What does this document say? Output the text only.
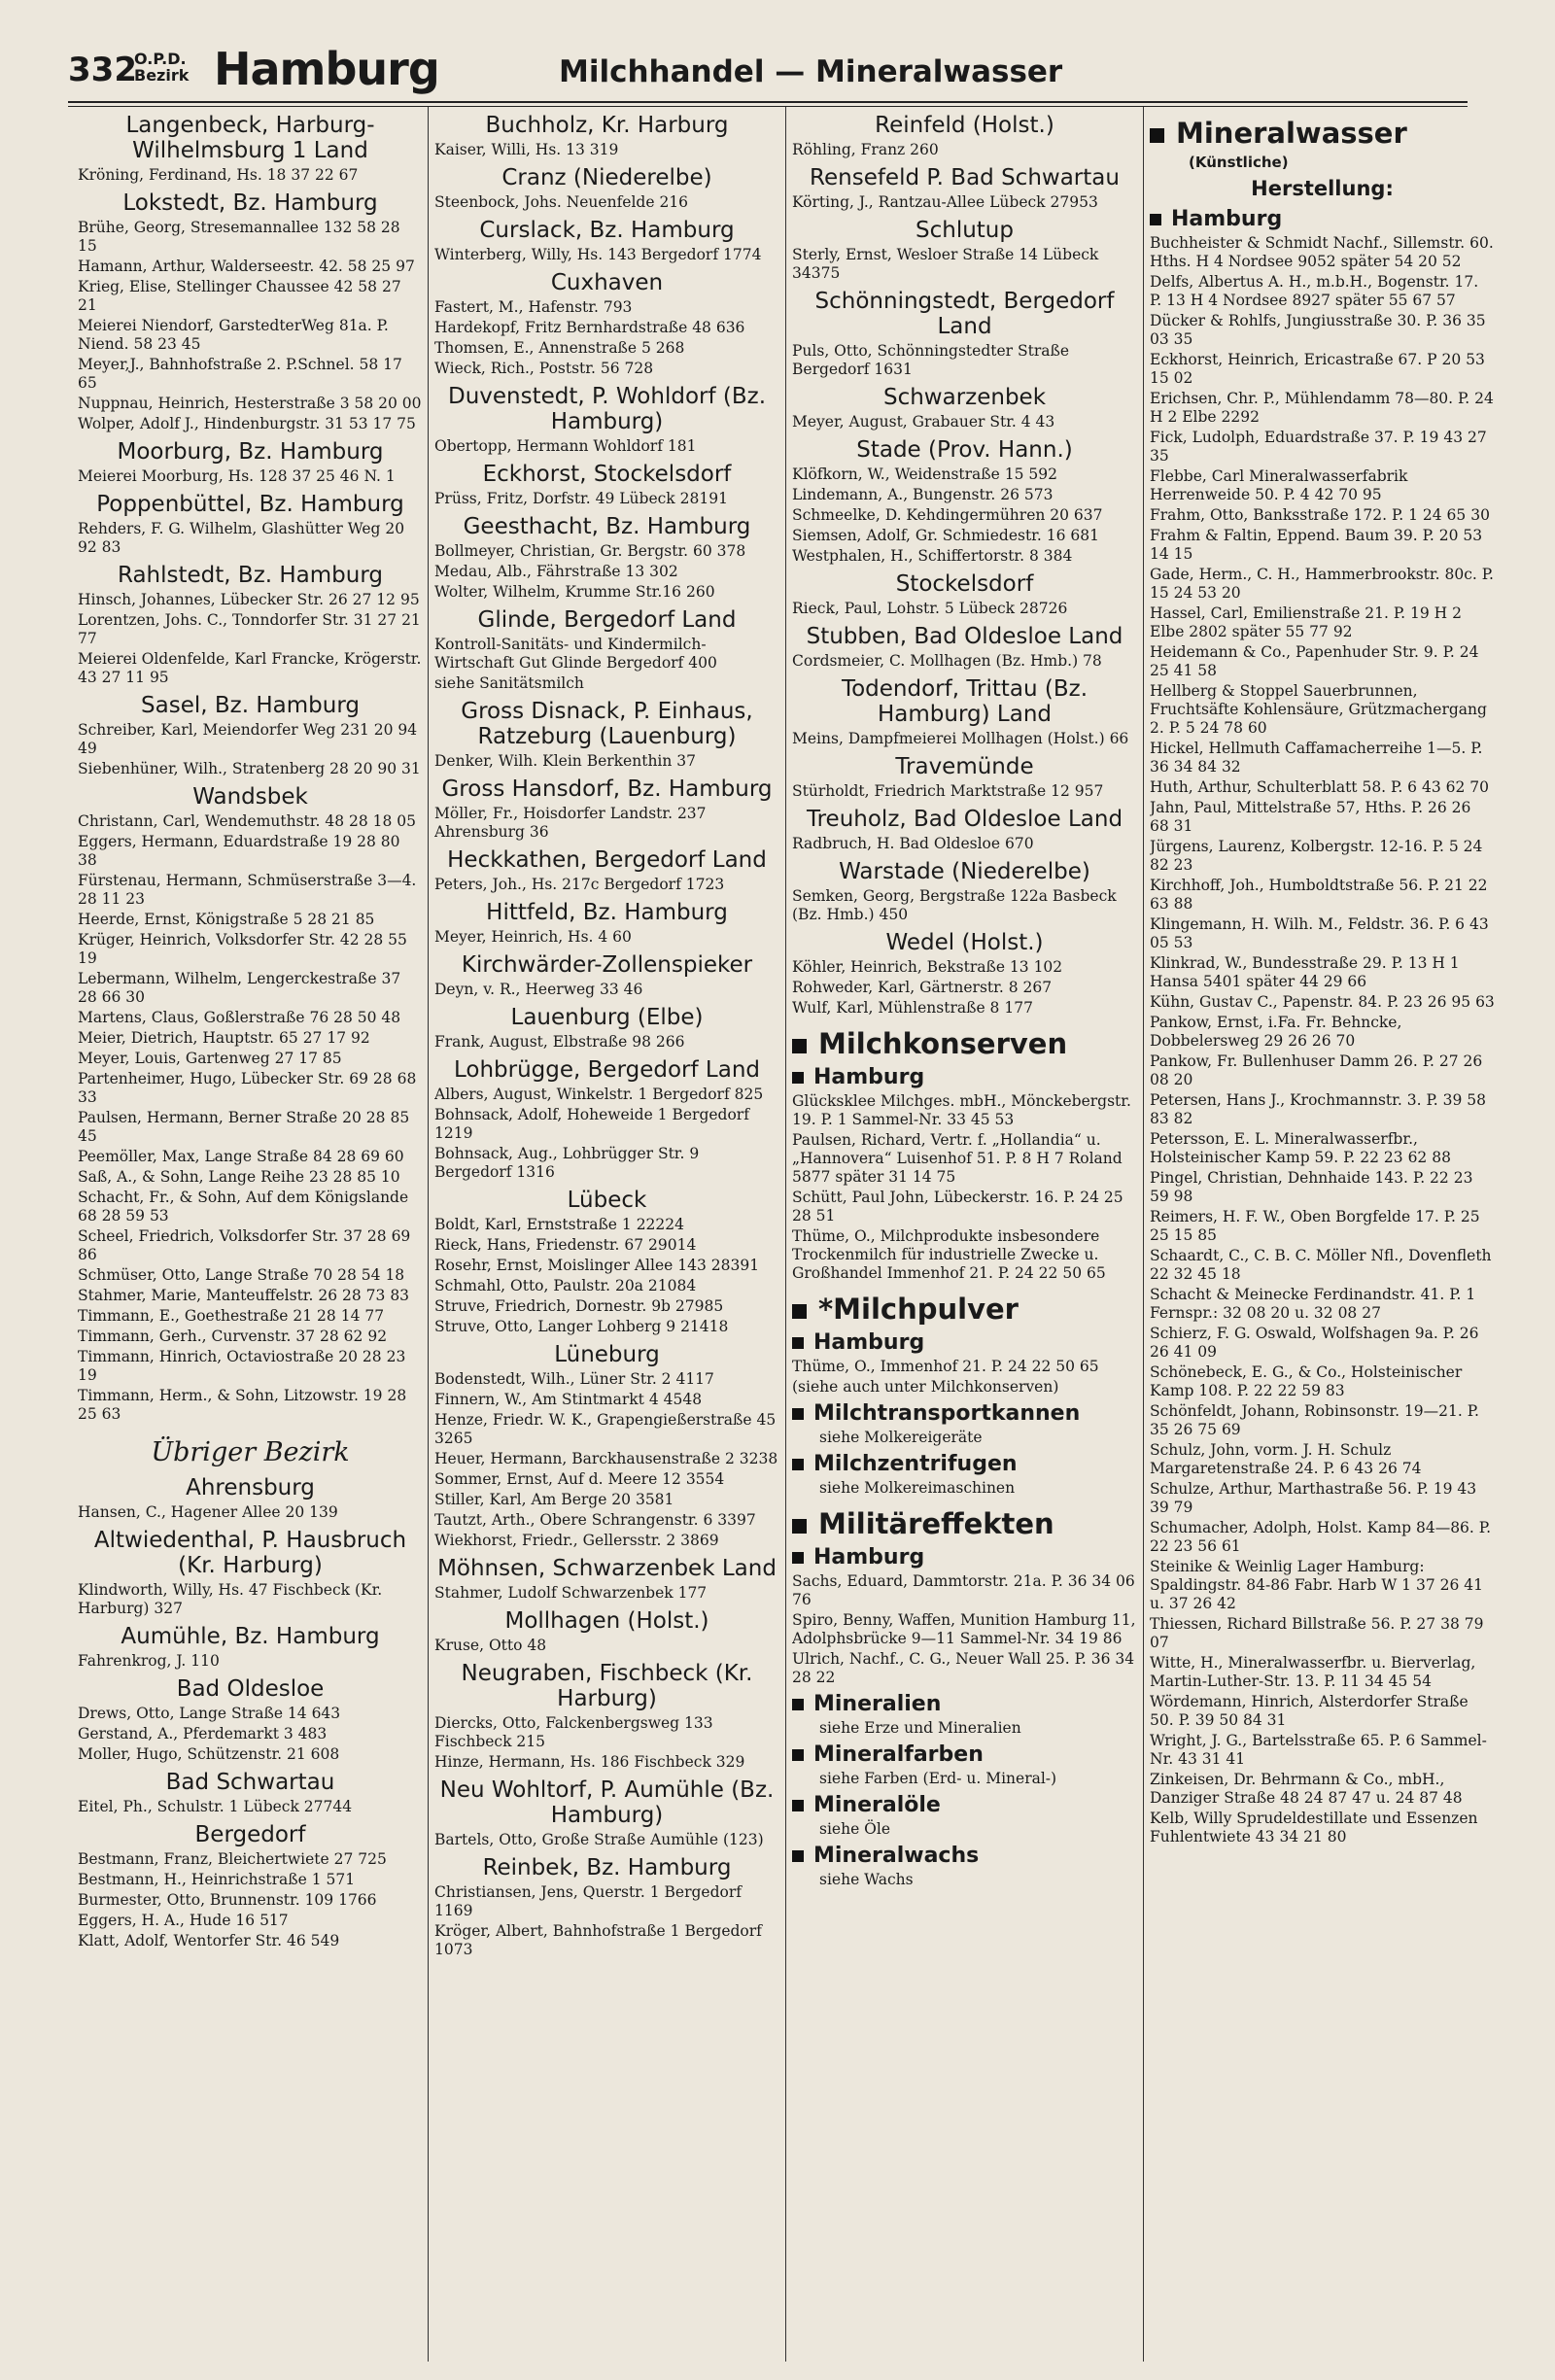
332
O.P.D.
Bezirk Hamburg	Milchhandel — Mineralwasser
Langenbeck, Harburg-Wilhelmsburg 1 Land
Kröning, Ferdinand, Hs. 18 37 22 67
Lokstedt, Bz. Hamburg
Brühe, Georg, Stresemannallee 132 58 28 15
Hamann, Arthur, Walderseestr. 42. 58 25 97
Krieg, Elise, Stellinger Chaussee 42 58 27 21
Meierei Niendorf, GarstedterWeg 81a. P. Niend. 58 23 45
Meyer,J., Bahnhofstraße 2. P.Schnel. 58 17 65
Nuppnau, Heinrich, Hesterstraße 3 58 20 00
Wolper, Adolf J., Hindenburgstr. 31 53 17 75
Moorburg, Bz. Hamburg
Meierei Moorburg, Hs. 128 37 25 46 N. 1
Poppenbüttel, Bz. Hamburg
Rehders, F. G. Wilhelm, Glashütter Weg 20 92 83
Rahlstedt, Bz. Hamburg
Hinsch, Johannes, Lübecker Str. 26 27 12 95
Lorentzen, Johs. C., Tonndorfer Str. 31 27 21 77
Meierei Oldenfelde, Karl Francke, Krögerstr. 43 27 11 95
Sasel, Bz. Hamburg
Schreiber, Karl, Meiendorfer Weg 231 20 94 49
Siebenhüner, Wilh., Stratenberg 28 20 90 31
Wandsbek
Christann, Carl, Wendemuthstr. 48 28 18 05
Eggers, Hermann, Eduardstraße 19 28 80 38
Fürstenau, Hermann, Schmüserstraße 3—4. 28 11 23
Heerde, Ernst, Königstraße 5 28 21 85
Krüger, Heinrich, Volksdorfer Str. 42 28 55 19
Lebermann, Wilhelm, Lengerckestraße 37 28 66 30
Martens, Claus, Goßlerstraße 76 28 50 48
Meier, Dietrich, Hauptstr. 65 27 17 92
Meyer, Louis, Gartenweg 27 17 85
Partenheimer, Hugo, Lübecker Str. 69 28 68 33
Paulsen, Hermann, Berner Straße 20 28 85 45
Peemöller, Max, Lange Straße 84 28 69 60
Saß, A., & Sohn, Lange Reihe 23 28 85 10
Schacht, Fr., & Sohn, Auf dem Königslande 68 28 59 53
Scheel, Friedrich, Volksdorfer Str. 37 28 69 86
Schmüser, Otto, Lange Straße 70 28 54 18
Stahmer, Marie, Manteuffelstr. 26 28 73 83
Timmann, E., Goethestraße 21 28 14 77
Timmann, Gerh., Curvenstr. 37 28 62 92
Timmann, Hinrich, Octaviostraße 20 28 23 19
Timmann, Herm., & Sohn, Litzowstr. 19 28 25 63
Übriger Bezirk
Ahrensburg
Hansen, C., Hagener Allee 20 139
Altwiedenthal, P. Hausbruch (Kr. Harburg)
Klindworth, Willy, Hs. 47 Fischbeck (Kr. Harburg) 327
Aumühle, Bz. Hamburg
Fahrenkrog, J. 110
Bad Oldesloe
Drews, Otto, Lange Straße 14 643
Gerstand, A., Pferdemarkt 3 483
Moller, Hugo, Schützenstr. 21 608
Bad Schwartau
Eitel, Ph., Schulstr. 1 Lübeck 27744
Bergedorf
Bestmann, Franz, Bleichertwiete 27 725
Bestmann, H., Heinrichstraße 1 571
Burmester, Otto, Brunnenstr. 109 1766
Eggers, H. A., Hude 16 517
Klatt, Adolf, Wentorfer Str. 46 549
Buchholz, Kr. Harburg
Kaiser, Willi, Hs. 13 319
Cranz (Niederelbe)
Steenbock, Johs. Neuenfelde 216
Curslack, Bz. Hamburg
Winterberg, Willy, Hs. 143 Bergedorf 1774
Cuxhaven
Fastert, M., Hafenstr. 793
Hardekopf, Fritz Bernhardstraße 48 636
Thomsen, E., Annenstraße 5 268
Wieck, Rich., Poststr. 56 728
Duvenstedt, P. Wohldorf (Bz. Hamburg)
Obertopp, Hermann Wohldorf 181
Eckhorst, Stockelsdorf
Prüss, Fritz, Dorfstr. 49 Lübeck 28191
Geesthacht, Bz. Hamburg
Bollmeyer, Christian, Gr. Bergstr. 60 378
Medau, Alb., Fährstraße 13 302
Wolter, Wilhelm, Krumme Str.16 260
Glinde, Bergedorf Land
Kontroll-Sanitäts- und Kindermilch-Wirtschaft Gut Glinde Bergedorf 400
siehe Sanitätsmilch
Gross Disnack, P. Einhaus, Ratzeburg (Lauenburg)
Denker, Wilh. Klein Berkenthin 37
Gross Hansdorf, Bz. Hamburg
Möller, Fr., Hoisdorfer Landstr. 237 Ahrensburg 36
Heckkathen, Bergedorf Land
Peters, Joh., Hs. 217c Bergedorf 1723
Hittfeld, Bz. Hamburg
Meyer, Heinrich, Hs. 4 60
Kirchwärder-Zollenspieker
Deyn, v. R., Heerweg 33 46
Lauenburg (Elbe)
Frank, August, Elbstraße 98 266
Lohbrügge, Bergedorf Land
Albers, August, Winkelstr. 1 Bergedorf 825
Bohnsack, Adolf, Hoheweide 1 Bergedorf 1219
Bohnsack, Aug., Lohbrügger Str. 9 Bergedorf 1316
Lübeck
Boldt, Karl, Ernststraße 1 22224
Rieck, Hans, Friedenstr. 67 29014
Rosehr, Ernst, Moislinger Allee 143 28391
Schmahl, Otto, Paulstr. 20a 21084
Struve, Friedrich, Dornestr. 9b 27985
Struve, Otto, Langer Lohberg 9 21418
Lüneburg
Bodenstedt, Wilh., Lüner Str. 2 4117
Finnern, W., Am Stintmarkt 4 4548
Henze, Friedr. W. K., Grapengießerstraße 45 3265
Heuer, Hermann, Barckhausenstraße 2 3238
Sommer, Ernst, Auf d. Meere 12 3554
Stiller, Karl, Am Berge 20 3581
Tautzt, Arth., Obere Schrangenstr. 6 3397
Wiekhorst, Friedr., Gellersstr. 2 3869
Möhnsen, Schwarzenbek Land
Stahmer, Ludolf Schwarzenbek 177
Mollhagen (Holst.)
Kruse, Otto 48
Neugraben, Fischbeck (Kr. Harburg)
Diercks, Otto, Falckenbergsweg 133 Fischbeck 215
Hinze, Hermann, Hs. 186 Fischbeck 329
Neu Wohltorf, P. Aumühle (Bz. Hamburg)
Bartels, Otto, Große Straße Aumühle (123)
Reinbek, Bz. Hamburg
Christiansen, Jens, Querstr. 1 Bergedorf 1169
Kröger, Albert, Bahnhofstraße 1 Bergedorf 1073
Reinfeld (Holst.)
Röhling, Franz 260
Rensefeld P. Bad Schwartau
Körting, J., Rantzau-Allee Lübeck 27953
Schlutup
Sterly, Ernst, Wesloer Straße 14 Lübeck 34375
Schönningstedt, Bergedorf Land
Puls, Otto, Schönningstedter Straße Bergedorf 1631
Schwarzenbek
Meyer, August, Grabauer Str. 4 43
Stade (Prov. Hann.)
Klöfkorn, W., Weidenstraße 15 592
Lindemann, A., Bungenstr. 26 573
Schmeelke, D. Kehdingermühren 20 637
Siemsen, Adolf, Gr. Schmiedestr. 16 681
Westphalen, H., Schiffertorstr. 8 384
Stockelsdorf
Rieck, Paul, Lohstr. 5 Lübeck 28726
Stubben, Bad Oldesloe Land
Cordsmeier, C. Mollhagen (Bz. Hmb.) 78
Todendorf, Trittau (Bz. Hamburg) Land
Meins, Dampfmeierei Mollhagen (Holst.) 66
Travemünde
Stürholdt, Friedrich Marktstraße 12 957
Treuholz, Bad Oldesloe Land
Radbruch, H. Bad Oldesloe 670
Warstade (Niederelbe)
Semken, Georg, Bergstraße 122a Basbeck (Bz. Hmb.) 450
Wedel (Holst.)
Köhler, Heinrich, Bekstraße 13 102
Rohweder, Karl, Gärtnerstr. 8 267
Wulf, Karl, Mühlenstraße 8 177
Milchkonserven
Hamburg
Glücksklee Milchges. mbH., Mönckebergstr. 19. P. 1 Sammel-Nr. 33 45 53
Paulsen, Richard, Vertr. f. „Hollandia“ u. „Hannovera“ Luisenhof 51. P. 8 H 7 Roland 5877 später 31 14 75
Schütt, Paul John, Lübeckerstr. 16. P. 24 25 28 51
Thüme, O., Milchprodukte insbesondere Trockenmilch für industrielle Zwecke u. Großhandel Immenhof 21. P. 24 22 50 65
*Milchpulver
Hamburg
Thüme, O., Immenhof 21. P. 24 22 50 65
(siehe auch unter Milchkonserven)
Milchtransportkannen
siehe Molkereigeräte
Milchzentrifugen
siehe Molkereimaschinen
Militäreffekten
Hamburg
Sachs, Eduard, Dammtorstr. 21a. P. 36 34 06 76
Spiro, Benny, Waffen, Munition Hamburg 11, Adolphsbrücke 9—11 Sammel-Nr. 34 19 86
Ulrich, Nachf., C. G., Neuer Wall 25. P. 36 34 28 22
Mineralien
siehe Erze und Mineralien
Mineralfarben
siehe Farben (Erd- u. Mineral-)
Mineralöle
siehe Öle
Mineralwachs
siehe Wachs
Mineralwasser
(Künstliche)
Herstellung:
Hamburg
Buchheister & Schmidt Nachf., Sillemstr. 60. Hths. H 4 Nordsee 9052 später 54 20 52
Delfs, Albertus A. H., m.b.H., Bogenstr. 17. P. 13 H 4 Nordsee 8927 später 55 67 57
Dücker & Rohlfs, Jungiusstraße 30. P. 36 35 03 35
Eckhorst, Heinrich, Ericastraße 67. P 20 53 15 02
Erichsen, Chr. P., Mühlendamm 78—80. P. 24 H 2 Elbe 2292
Fick, Ludolph, Eduardstraße 37. P. 19 43 27 35
Flebbe, Carl Mineralwasserfabrik Herrenweide 50. P. 4 42 70 95
Frahm, Otto, Banksstraße 172. P. 1 24 65 30
Frahm & Faltin, Eppend. Baum 39. P. 20 53 14 15
Gade, Herm., C. H., Hammerbrookstr. 80c. P. 15 24 53 20
Hassel, Carl, Emilienstraße 21. P. 19 H 2 Elbe 2802 später 55 77 92
Heidemann & Co., Papenhuder Str. 9. P. 24 25 41 58
Hellberg & Stoppel Sauerbrunnen, Fruchtsäfte Kohlensäure, Grützmachergang 2. P. 5 24 78 60
Hickel, Hellmuth Caffamacherreihe 1—5. P. 36 34 84 32
Huth, Arthur, Schulterblatt 58. P. 6 43 62 70
Jahn, Paul, Mittelstraße 57, Hths. P. 26 26 68 31
Jürgens, Laurenz, Kolbergstr. 12-16. P. 5 24 82 23
Kirchhoff, Joh., Humboldtstraße 56. P. 21 22 63 88
Klingemann, H. Wilh. M., Feldstr. 36. P. 6 43 05 53
Klinkrad, W., Bundesstraße 29. P. 13 H 1 Hansa 5401 später 44 29 66
Kühn, Gustav C., Papenstr. 84. P. 23 26 95 63
Pankow, Ernst, i.Fa. Fr. Behncke, Dobbelersweg 29 26 26 70
Pankow, Fr. Bullenhuser Damm 26. P. 27 26 08 20
Petersen, Hans J., Krochmannstr. 3. P. 39 58 83 82
Petersson, E. L. Mineralwasserfbr., Holsteinischer Kamp 59. P. 22 23 62 88
Pingel, Christian, Dehnhaide 143. P. 22 23 59 98
Reimers, H. F. W., Oben Borgfelde 17. P. 25 25 15 85
Schaardt, C., C. B. C. Möller Nfl., Dovenfleth 22 32 45 18
Schacht & Meinecke Ferdinandstr. 41. P. 1 Fernspr.: 32 08 20 u. 32 08 27
Schierz, F. G. Oswald, Wolfshagen 9a. P. 26 26 41 09
Schönebeck, E. G., & Co., Holsteinischer Kamp 108. P. 22 22 59 83
Schönfeldt, Johann, Robinsonstr. 19—21. P. 35 26 75 69
Schulz, John, vorm. J. H. Schulz Margaretenstraße 24. P. 6 43 26 74
Schulze, Arthur, Marthastraße 56. P. 19 43 39 79
Schumacher, Adolph, Holst. Kamp 84—86. P. 22 23 56 61
Steinike & Weinlig Lager Hamburg: Spaldingstr. 84-86 Fabr. Harb W 1 37 26 41 u. 37 26 42
Thiessen, Richard Billstraße 56. P. 27 38 79 07
Witte, H., Mineralwasserfbr. u. Bierverlag, Martin-Luther-Str. 13. P. 11 34 45 54
Wördemann, Hinrich, Alsterdorfer Straße 50. P. 39 50 84 31
Wright, J. G., Bartelsstraße 65. P. 6 Sammel-Nr. 43 31 41
Zinkeisen, Dr. Behrmann & Co., mbH., Danziger Straße 48 24 87 47 u. 24 87 48
Kelb, Willy Sprudeldestillate und Essenzen Fuhlentwiete 43 34 21 80
